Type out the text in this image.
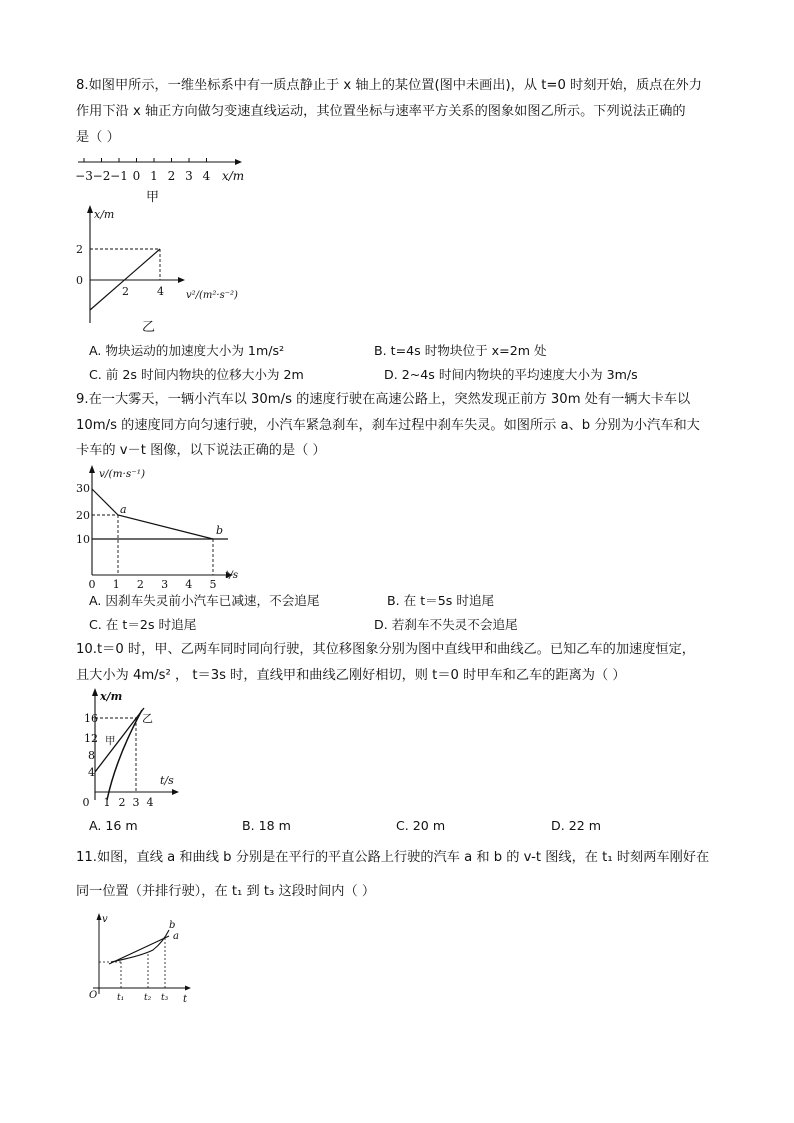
8.如图甲所示，一维坐标系中有一质点静止于 x 轴上的某位置(图中未画出)，从 t=0 时刻开始，质点在外力
作用下沿 x 轴正方向做匀变速直线运动，其位置坐标与速率平方关系的图象如图乙所示。下列说法正确的
是（ ）
−3 −2 −1 0 1 2 3 4 x/m
甲
x/m
v²/(m²·s⁻²)
0
2
2	4
乙
A. 物块运动的加速度大小为 1m/s²	B. t=4s 时物块位于 x=2m 处
C. 前 2s 时间内物块的位移大小为 2m	D. 2~4s 时间内物块的平均速度大小为 3m/s
9.在一大雾天，一辆小汽车以 30m/s 的速度行驶在高速公路上，突然发现正前方 30m 处有一辆大卡车以
10m/s 的速度同方向匀速行驶，小汽车紧急刹车，刹车过程中刹车失灵。如图所示 a、b 分别为小汽车和大
卡车的 v－t 图像，以下说法正确的是（ ）
v/(m·s⁻¹)
t/s
30
20
10
0 1 2 3 4 5
a
b
A. 因刹车失灵前小汽车已减速，不会追尾	B. 在 t＝5s 时追尾
C. 在 t＝2s 时追尾	D. 若刹车不失灵不会追尾
10.t＝0 时，甲、乙两车同时同向行驶，其位移图象分别为图中直线甲和曲线乙。已知乙车的加速度恒定，
且大小为 4m/s² ， t＝3s 时，直线甲和曲线乙刚好相切，则 t＝0 时甲车和乙车的距离为（ ）
x/m
t/s
16
12
8
4
0 1 2 3 4
甲
乙
A. 16 m	B. 18 m	C. 20 m	D. 22 m
11.如图，直线 a 和曲线 b 分别是在平行的平直公路上行驶的汽车 a 和 b 的 v-t 图线，在 t₁ 时刻两车刚好在
同一位置（并排行驶），在 t₁ 到 t₃ 这段时间内（ ）
v
t
O t₁ t₂ t₃
b
a
